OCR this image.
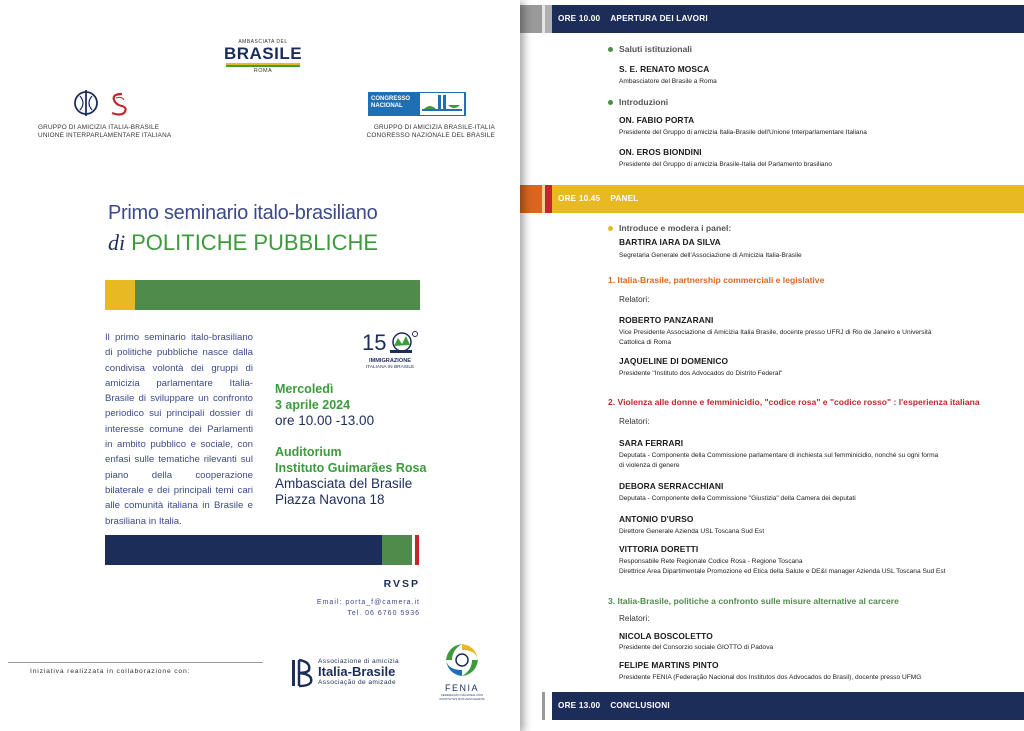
AMBASCIATA DEL
BRASILE
ROMA
GRUPPO DI AMICIZIA ITALIA-BRASILE
UNIONE INTERPARLAMENTARE ITALIANA
CONGRESSO NACIONAL
GRUPPO DI AMICIZIA BRASILE-ITALIA
CONGRESSO NAZIONALE DEL BRASILE
Primo seminario italo-brasiliano
di POLITICHE PUBBLICHE
Il primo seminario italo-brasiliano di politiche pubbliche nasce dalla condivisa volontà dei gruppi di amicizia parlamentare Italia-Brasile di sviluppare un confronto periodico sui principali dossier di interesse comune dei Parlamenti in ambito pubblico e sociale, con enfasi sulle tematiche rilevanti sul piano della cooperazione bilaterale e dei principali temi cari alle comunità italiana in Brasile e brasiliana in Italia.
15
IMMIGRAZIONE
ITALIANA IN BRASILE
Mercoledì
3 aprile 2024
ore 10.00 -13.00
Auditorium
Instituto Guimarães Rosa
Ambasciata del Brasile
Piazza Navona 18
RVSP
Email: porta_f@camera.it
Tel. 06 6760 5936
Iniziativa realizzata in collaborazione con:
Associazione di amicizia
Italia-Brasile
Associação de amizade
FENIA
FEDERAÇÃO NACIONAL DOS INSTITUTOS DOS ADVOGADOS
ORE 10.00 APERTURA DEI LAVORI
Saluti istituzionali
S. E. RENATO MOSCA
Ambasciatore del Brasile a Roma
Introduzioni
ON. FABIO PORTA
Presidente del Gruppo di amicizia Italia-Brasile dell'Unione Interparlamentare Italiana
ON. EROS BIONDINI
Presidente del Gruppo di amicizia Brasile-Italia del Parlamento brasiliano
ORE 10.45 PANEL
Introduce e modera i panel:
BARTIRA IARA DA SILVA
Segretaria Generale dell'Associazione di Amicizia Italia-Brasile
1. Italia-Brasile, partnership commerciali e legislative
Relatori:
ROBERTO PANZARANI
Vice Presidente Associazione di Amicizia Italia Brasile, docente presso UFRJ di Rio de Janeiro e Università
Cattolica di Roma
JAQUELINE DI DOMENICO
Presidente "Instituto dos Advocados do Distrito Federal"
2. Violenza alle donne e femminicidio, "codice rosa" e "codice rosso" : l'esperienza italiana
Relatori:
SARA FERRARI
Deputata - Componente della Commissione parlamentare di inchiesta sul femminicidio, nonché su ogni forma
di violenza di genere
DEBORA SERRACCHIANI
Deputata - Componente della Commissione "Giustizia" della Camera dei deputati
ANTONIO D'URSO
Direttore Generale Azienda USL Toscana Sud Est
VITTORIA DORETTI
Responsabile Rete Regionale Codice Rosa - Regione Toscana
Direttrice Area Dipartimentale Promozione ed Etica della Salute e DE&I manager Azienda USL Toscana Sud Est
3. Italia-Brasile, politiche a confronto sulle misure alternative al carcere
Relatori:
NICOLA BOSCOLETTO
Presidente del Consorzio sociale GIOTTO di Padova
FELIPE MARTINS PINTO
Presidente FENIA (Federação Nacional dos Institutos dos Advocados do Brasil), docente presso UFMG
ORE 13.00 CONCLUSIONI
